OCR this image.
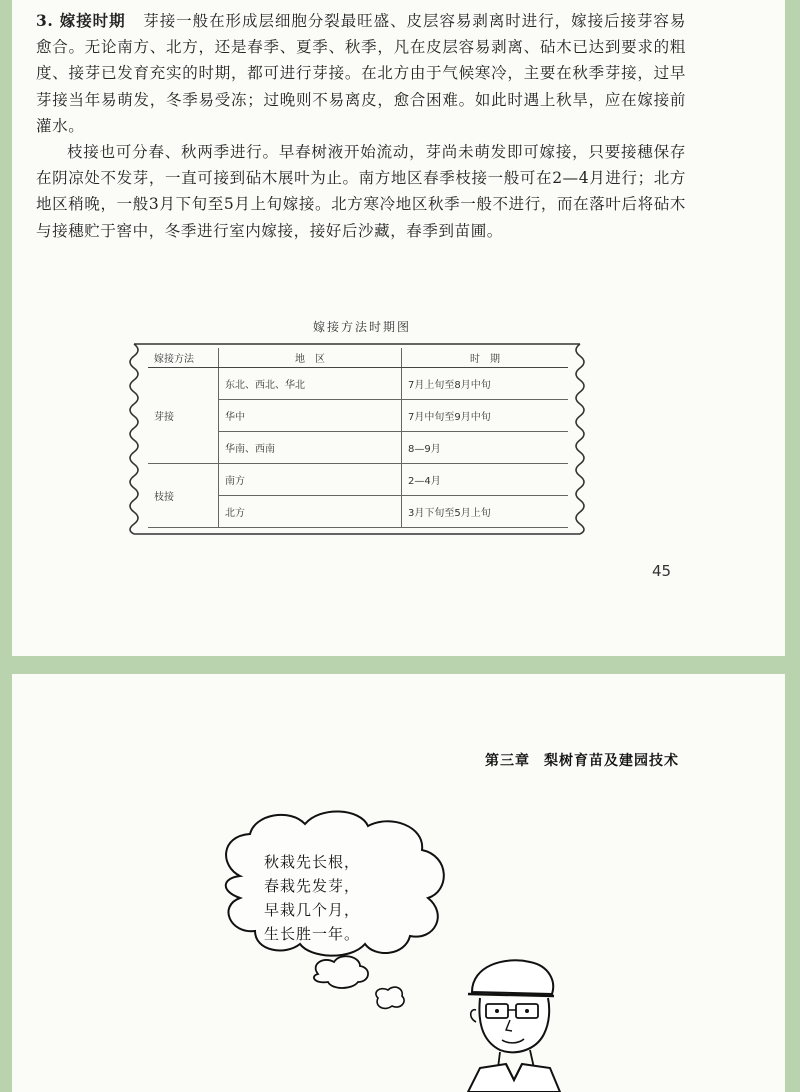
3. 嫁接时期 芽接一般在形成层细胞分裂最旺盛、皮层容易剥离时进行，嫁接后接芽容易愈合。无论南方、北方，还是春季、夏季、秋季，凡在皮层容易剥离、砧木已达到要求的粗度、接芽已发育充实的时期，都可进行芽接。在北方由于气候寒冷，主要在秋季芽接，过早芽接当年易萌发，冬季易受冻；过晚则不易离皮，愈合困难。如此时遇上秋旱，应在嫁接前灌水。

枝接也可分春、秋两季进行。早春树液开始流动，芽尚未萌发即可嫁接，只要接穗保存在阴凉处不发芽，一直可接到砧木展叶为止。南方地区春季枝接一般可在2—4月进行；北方地区稍晚，一般3月下旬至5月上旬嫁接。北方寒冷地区秋季一般不进行，而在落叶后将砧木与接穗贮于窖中，冬季进行室内嫁接，接好后沙藏，春季到苗圃。

嫁接方法时期图
嫁接方法	地　区	时　期
芽接	东北、西北、华北	7月上旬至8月中旬
	华中	7月中旬至9月中旬
	华南、西南	8—9月
枝接	南方	2—4月
	北方	3月下旬至5月上旬
45
第三章 梨树育苗及建园技术
秋栽先长根，
春栽先发芽，
早栽几个月，
生长胜一年。
